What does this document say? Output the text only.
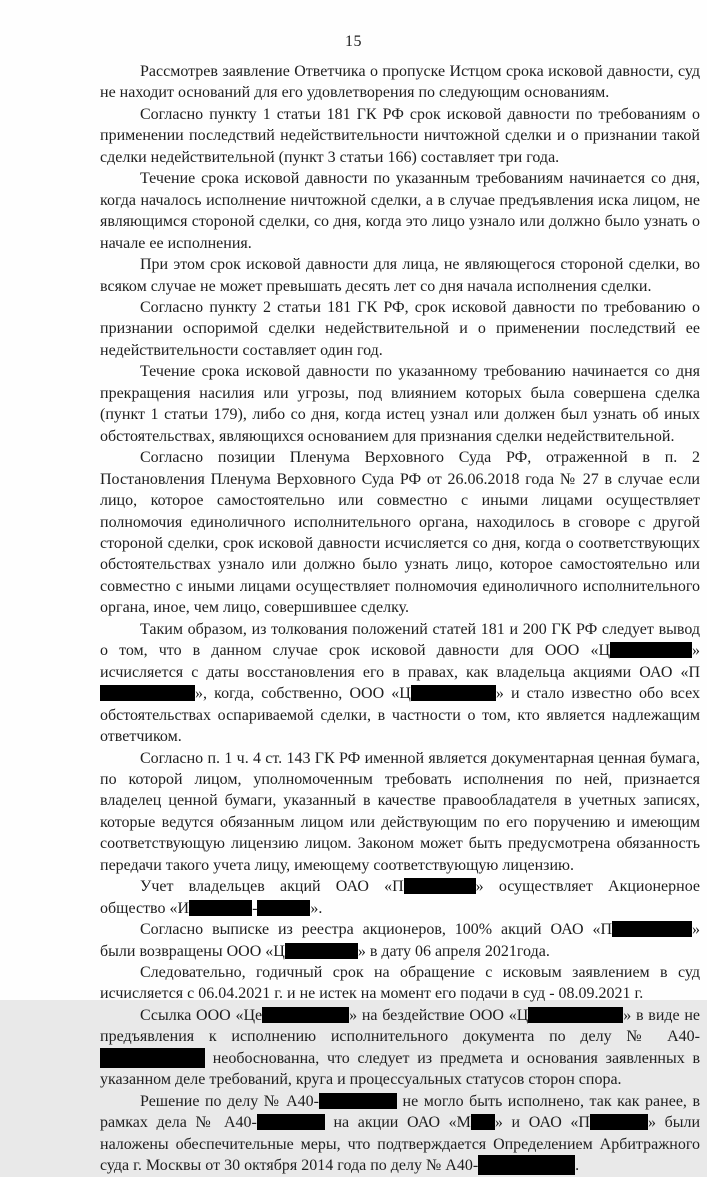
15

Рассмотрев заявление Ответчика о пропуске Истцом срока исковой давности, суд не находит оснований для его удовлетворения по следующим основаниям.

Согласно пункту 1 статьи 181 ГК РФ срок исковой давности по требованиям о применении последствий недействительности ничтожной сделки и о признании такой сделки недействительной (пункт 3 статьи 166) составляет три года.

Течение срока исковой давности по указанным требованиям начинается со дня, когда началось исполнение ничтожной сделки, а в случае предъявления иска лицом, не являющимся стороной сделки, со дня, когда это лицо узнало или должно было узнать о начале ее исполнения.

При этом срок исковой давности для лица, не являющегося стороной сделки, во всяком случае не может превышать десять лет со дня начала исполнения сделки.

Согласно пункту 2 статьи 181 ГК РФ, срок исковой давности по требованию о признании оспоримой сделки недействительной и о применении последствий ее недействительности составляет один год.

Течение срока исковой давности по указанному требованию начинается со дня прекращения насилия или угрозы, под влиянием которых была совершена сделка (пункт 1 статьи 179), либо со дня, когда истец узнал или должен был узнать об иных обстоятельствах, являющихся основанием для признания сделки недействительной.

Согласно позиции Пленума Верховного Суда РФ, отраженной в п. 2 Постановления Пленума Верховного Суда РФ от 26.06.2018 года № 27 в случае если лицо, которое самостоятельно или совместно с иными лицами осуществляет полномочия единоличного исполнительного органа, находилось в сговоре с другой стороной сделки, срок исковой давности исчисляется со дня, когда о соответствующих обстоятельствах узнало или должно было узнать лицо, которое самостоятельно или совместно с иными лицами осуществляет полномочия единоличного исполнительного органа, иное, чем лицо, совершившее сделку.

Таким образом, из толкования положений статей 181 и 200 ГК РФ следует вывод о том, что в данном случае срок исковой давности для ООО «Ц	» исчисляется с даты восстановления его в правах, как владельца акциями ОАО «П», когда, собственно, ООО «Ц	» и стало известно обо всех обстоятельствах оспариваемой сделки, в частности о том, кто является надлежащим ответчиком.

Согласно п. 1 ч. 4 ст. 143 ГК РФ именной является документарная ценная бумага, по которой лицом, уполномоченным требовать исполнения по ней, признается владелец ценной бумаги, указанный в качестве правообладателя в учетных записях, которые ведутся обязанным лицом или действующим по его поручению и имеющим соответствующую лицензию лицом. Законом может быть предусмотрена обязанность передачи такого учета лицу, имеющему соответствующую лицензию.

Учет владельцев акций ОАО «П	» осуществляет Акционерное общество «И	-	».

Согласно выписке из реестра акционеров, 100% акций ОАО «П	» были возвращены ООО «Ц	» в дату 06 апреля 2021года.

Следовательно, годичный срок на обращение с исковым заявлением в суд исчисляется с 06.04.2021 г. и не истек на момент его подачи в суд - 08.09.2021 г.

Ссылка ООО «Це	» на бездействие ООО «Ц	» в виде не предъявления к исполнению исполнительного документа по делу № А40- необоснованна, что следует из предмета и основания заявленных в указанном деле требований, круга и процессуальных статусов сторон спора.

Решение по делу № А40-	не могло быть исполнено, так как ранее, в рамках дела № А40-	на акции ОАО «М » и ОАО «П	» были наложены обеспечительные меры, что подтверждается Определением Арбитражного суда г. Москвы от 30 октября 2014 года по делу № А40-	.
